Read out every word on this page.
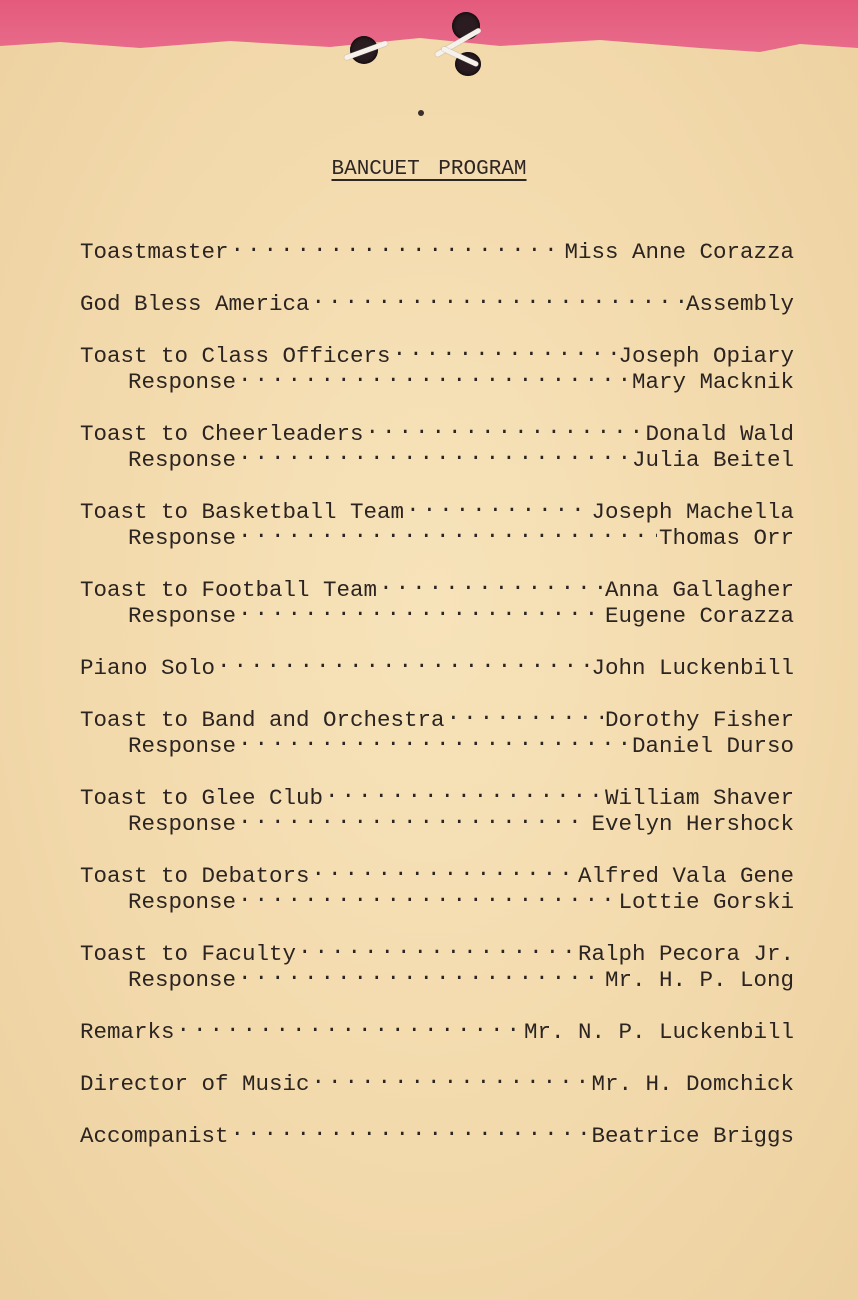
BANCUET PROGRAM
Toastmaster .....	Miss Anne Corazza
God Bless America .....	Assembly
Toast to Class Officers .....	Joseph Opiary
Response .....	Mary Macknik
Toast to Cheerleaders .....	Donald Wald
Response .....	Julia Beitel
Toast to Basketball Team .....	Joseph Machella
Response .....	Thomas Orr
Toast to Football Team .....	Anna Gallagher
Response .....	Eugene Corazza
Piano Solo .....	John Luckenbill
Toast to Band and Orchestra .....	Dorothy Fisher
Response .....	Daniel Durso
Toast to Glee Club .....	William Shaver
Response .....	Evelyn Hershock
Toast to Debators .....	Alfred Vala Gene
Response .....	Lottie Gorski
Toast to Faculty .....	Ralph Pecora Jr.
Response .....	Mr. H. P. Long
Remarks .....	Mr. N. P. Luckenbill
Director of Music .....	Mr. H. Domchick
Accompanist .....	Beatrice Briggs
